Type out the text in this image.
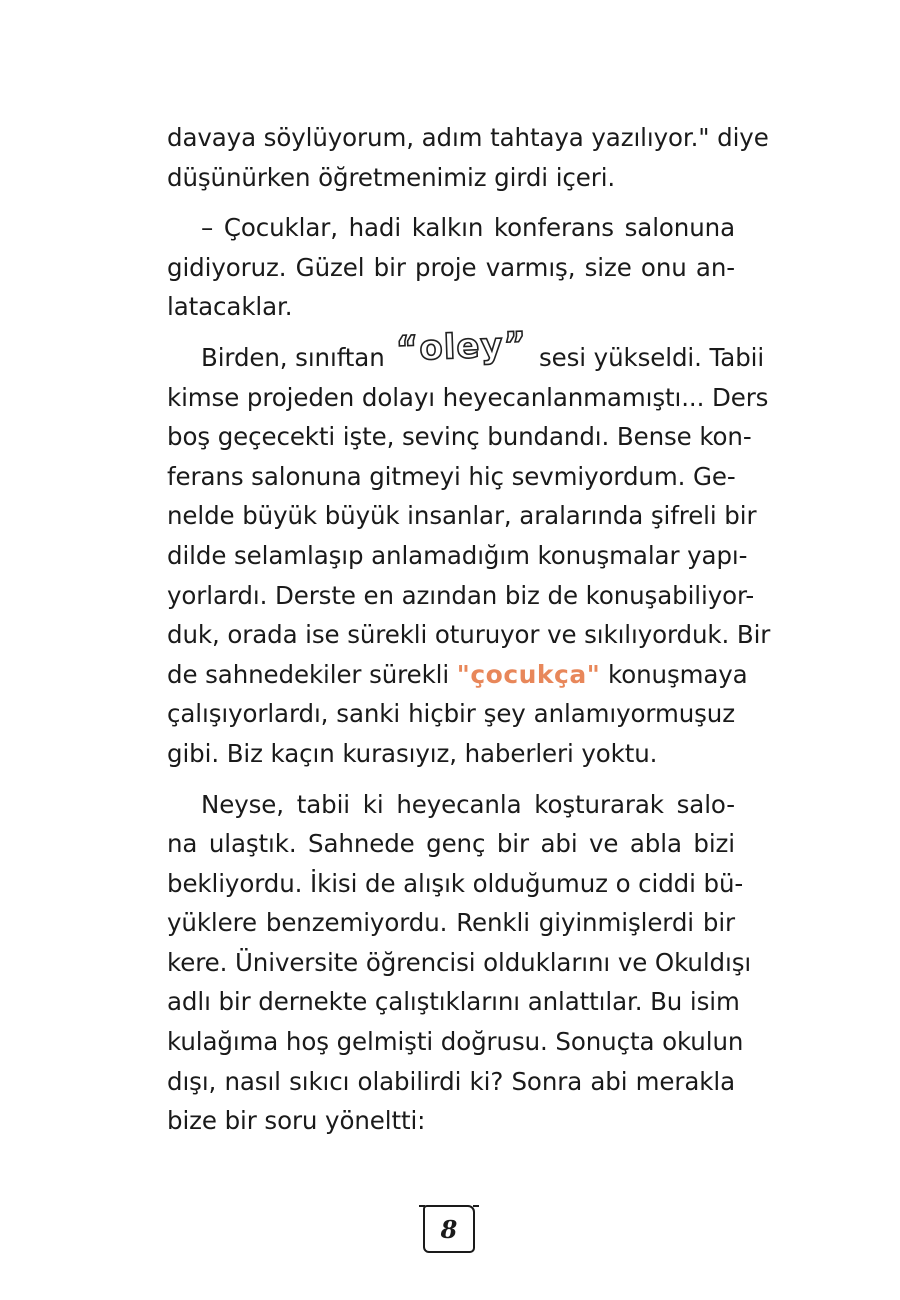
davaya söylüyorum, adım tahtaya yazılıyor." diye
düşünürken öğretmenimiz girdi içeri.
– Çocuklar, hadi kalkın konferans salonuna
gidiyoruz. Güzel bir proje varmış, size onu an-
latacaklar.
Birden, sınıftan “oley” sesi yükseldi. Tabii
kimse projeden dolayı heyecanlanmamıştı... Ders
boş geçecekti işte, sevinç bundandı. Bense kon-
ferans salonuna gitmeyi hiç sevmiyordum. Ge-
nelde büyük büyük insanlar, aralarında şifreli bir
dilde selamlaşıp anlamadığım konuşmalar yapı-
yorlardı. Derste en azından biz de konuşabiliyor-
duk, orada ise sürekli oturuyor ve sıkılıyorduk. Bir
de sahnedekiler sürekli "çocukça" konuşmaya
çalışıyorlardı, sanki hiçbir şey anlamıyormuşuz
gibi. Biz kaçın kurasıyız, haberleri yoktu.
Neyse, tabii ki heyecanla koşturarak salo-
na ulaştık. Sahnede genç bir abi ve abla bizi
bekliyordu. İkisi de alışık olduğumuz o ciddi bü-
yüklere benzemiyordu. Renkli giyinmişlerdi bir
kere. Üniversite öğrencisi olduklarını ve Okuldışı
adlı bir dernekte çalıştıklarını anlattılar. Bu isim
kulağıma hoş gelmişti doğrusu. Sonuçta okulun
dışı, nasıl sıkıcı olabilirdi ki? Sonra abi merakla
bize bir soru yöneltti:
8
